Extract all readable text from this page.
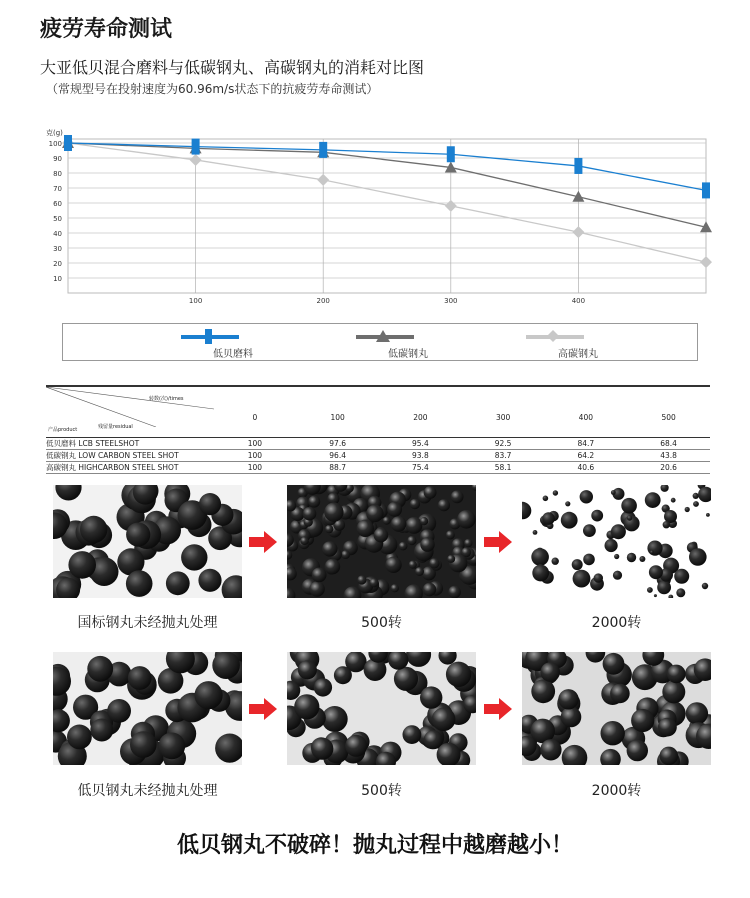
疲劳寿命测试
大亚低贝混合磨料与低碳钢丸、高碳钢丸的消耗对比图
（常规型号在投射速度为60.96m/s状态下的抗疲劳寿命测试）
10
20
30
40
50
60
70
80
90
100
100	200	300	400
克(g)
低贝磨料	低碳钢丸	高碳钢丸
转数(次)/times
产品product 残留量residual	0	100	200	300	400	500
低贝磨料 LCB STEELSHOT	100	97.6	95.4	92.5	84.7	68.4
低碳钢丸 LOW CARBON STEEL SHOT	100	96.4	93.8	83.7	64.2	43.8
高碳钢丸 HIGHCARBON STEEL SHOT	100	88.7	75.4	58.1	40.6	20.6
国标钢丸未经抛丸处理	500转	2000转
低贝钢丸未经抛丸处理	500转	2000转
低贝钢丸不破碎！抛丸过程中越磨越小！
